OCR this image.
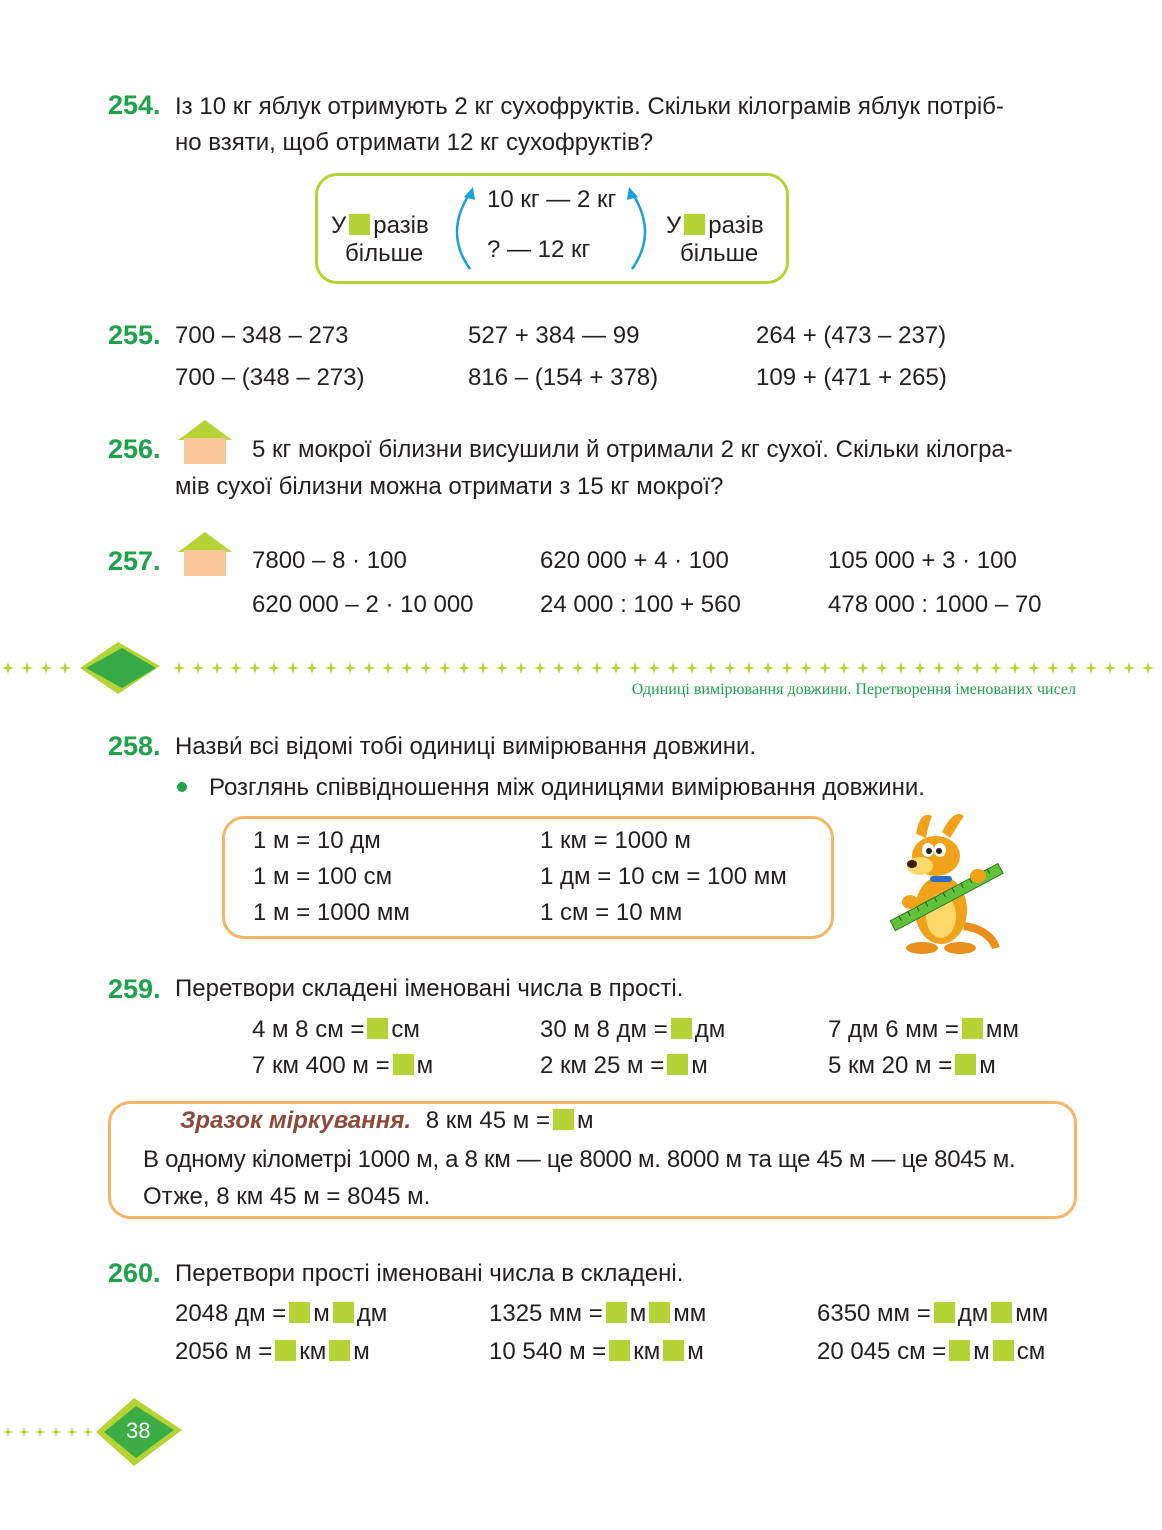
254. Із 10 кг яблук отримують 2 кг сухофруктів. Скільки кілограмів яблук потріб-
но взяти, щоб отримати 12 кг сухофруктів?
У разів
більше
10 кг — 2 кг
? — 12 кг
У разів
більше
255. 700 – 348 – 273	527 + 384 — 99	264 + (473 – 237)
700 – (348 – 273)	816 – (154 + 378)	109 + (471 + 265)
256.	5 кг мокрої білизни висушили й отримали 2 кг сухої. Скільки кілогра-
мів сухої білизни можна отримати з 15 кг мокрої?
257.	7800 – 8 · 100	620 000 + 4 · 100	105 000 + 3 · 100
620 000 – 2 · 10 000	24 000 : 100 + 560	478 000 : 1000 – 70
Одиниці вимірювання довжини. Перетворення іменованих чисел
258. Назви́ всі відомі тобі одиниці вимірювання довжини.
Розглянь співвідношення між одиницями вимірювання довжини.
1 м = 10 дм	1 км = 1000 м
1 м = 100 см	1 дм = 10 см = 100 мм
1 м = 1000 мм	1 см = 10 мм
259. Перетвори складені іменовані числа в прості.
4 м 8 см = см	30 м 8 дм = дм	7 дм 6 мм = мм
7 км 400 м = м	2 км 25 м = м	5 км 20 м = м
Зразок міркування. 8 км 45 м = м
В одному кілометрі 1000 м, а 8 км — це 8000 м. 8000 м та ще 45 м — це 8045 м.
Отже, 8 км 45 м = 8045 м.
260. Перетвори прості іменовані числа в складені.
2048 дм = м дм	1325 мм = м мм	6350 мм = дм мм
2056 м = км м	10 540 м = км м	20 045 см = м см
38
